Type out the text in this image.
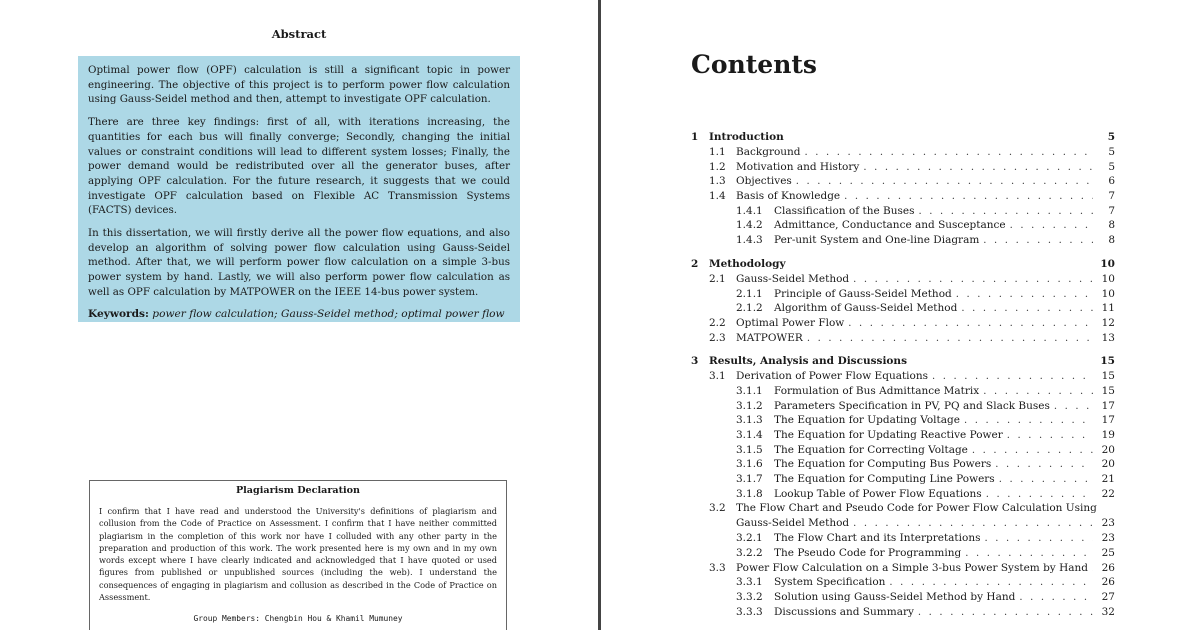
Abstract

Optimal power flow (OPF) calculation is still a significant topic in power engineering. The objective of this project is to perform power flow calculation using Gauss-Seidel method and then, attempt to investigate OPF calculation.

There are three key findings: first of all, with iterations increasing, the quantities for each bus will finally converge; Secondly, changing the initial values or constraint conditions will lead to different system losses; Finally, the power demand would be redistributed over all the generator buses, after applying OPF calculation. For the future research, it suggests that we could investigate OPF calculation based on Flexible AC Transmission Systems (FACTS) devices.

In this dissertation, we will firstly derive all the power flow equations, and also develop an algorithm of solving power flow calculation using Gauss-Seidel method. After that, we will perform power flow calculation on a simple 3-bus power system by hand. Lastly, we will also perform power flow calculation as well as OPF calculation by MATPOWER on the IEEE 14-bus power system.

Keywords: power flow calculation; Gauss-Seidel method; optimal power flow
Plagiarism Declaration

I confirm that I have read and understood the University's definitions of plagiarism and collusion from the Code of Practice on Assessment. I confirm that I have neither committed plagiarism in the completion of this work nor have I colluded with any other party in the preparation and production of this work. The work presented here is my own and in my own words except where I have clearly indicated and acknowledged that I have quoted or used figures from published or unpublished sources (including the web). I understand the consequences of engaging in plagiarism and collusion as described in the Code of Practice on Assessment.

Group Members: Chengbin Hou & Khamil Mumuney
Contents
1	Introduction	5
1.1 Background . . .	5
1.2 Motivation and History . . .	5
1.3 Objectives . . .	6
1.4 Basis of Knowledge . . .	7
1.4.1	Classification of the Buses . . .	7
1.4.2	Admittance, Conductance and Susceptance . . .	8
1.4.3	Per-unit System and One-line Diagram . . .	8
2	Methodology	10
2.1 Gauss-Seidel Method . . .	10
2.1.1	Principle of Gauss-Seidel Method . . .	10
2.1.2	Algorithm of Gauss-Seidel Method . . .	11
2.2 Optimal Power Flow . . .	12
2.3 MATPOWER . . .	13
3	Results, Analysis and Discussions	15
3.1 Derivation of Power Flow Equations . . .	15
3.1.1	Formulation of Bus Admittance Matrix . . .	15
3.1.2	Parameters Specification in PV, PQ and Slack Buses . . .	17
3.1.3	The Equation for Updating Voltage . . .	17
3.1.4	The Equation for Updating Reactive Power . . .	19
3.1.5	The Equation for Correcting Voltage . . .	20
3.1.6	The Equation for Computing Bus Powers . . .	20
3.1.7	The Equation for Computing Line Powers . . .	21
3.1.8	Lookup Table of Power Flow Equations . . .	22
3.2 The Flow Chart and Pseudo Code for Power Flow Calculation Using
Gauss-Seidel Method . . .	23
3.2.1	The Flow Chart and its Interpretations . . .	23
3.2.2	The Pseudo Code for Programming . . .	25
3.3 Power Flow Calculation on a Simple 3-bus Power System by Hand . . .	26
3.3.1	System Specification . . .	26
3.3.2	Solution using Gauss-Seidel Method by Hand . . .	27
3.3.3	Discussions and Summary . . .	32
